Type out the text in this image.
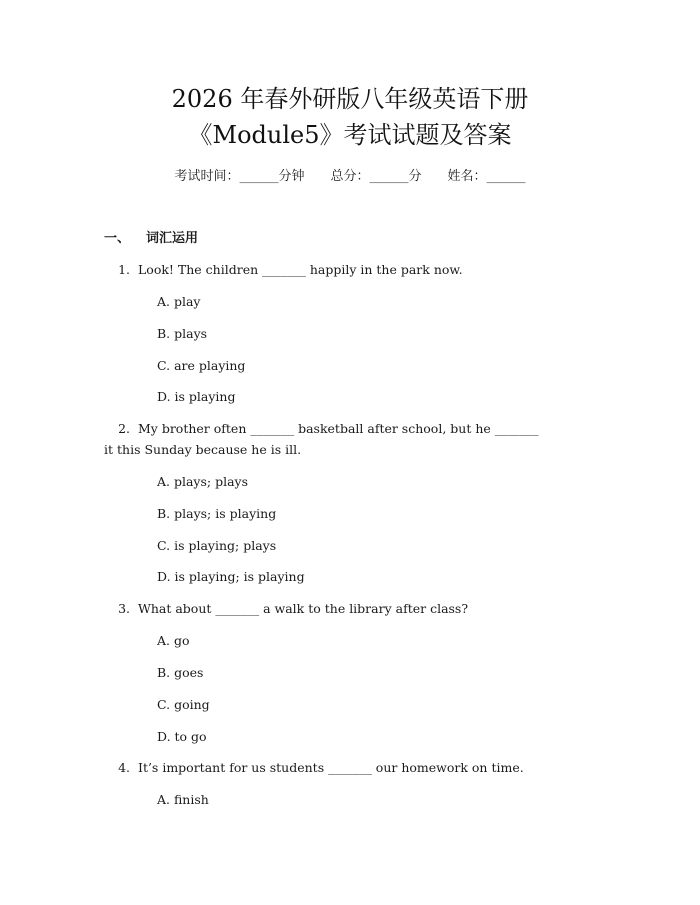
2026 年春外研版八年级英语下册
《Module5》考试试题及答案
考试时间：______分钟 总分：______分 姓名：______
一、 词汇运用
1. Look! The children _______ happily in the park now.
A. play
B. plays
C. are playing
D. is playing
2. My brother often _______ basketball after school, but he _______
it this Sunday because he is ill.
A. plays; plays
B. plays; is playing
C. is playing; plays
D. is playing; is playing
3. What about _______ a walk to the library after class?
A. go
B. goes
C. going
D. to go
4. It’s important for us students _______ our homework on time.
A. finish
